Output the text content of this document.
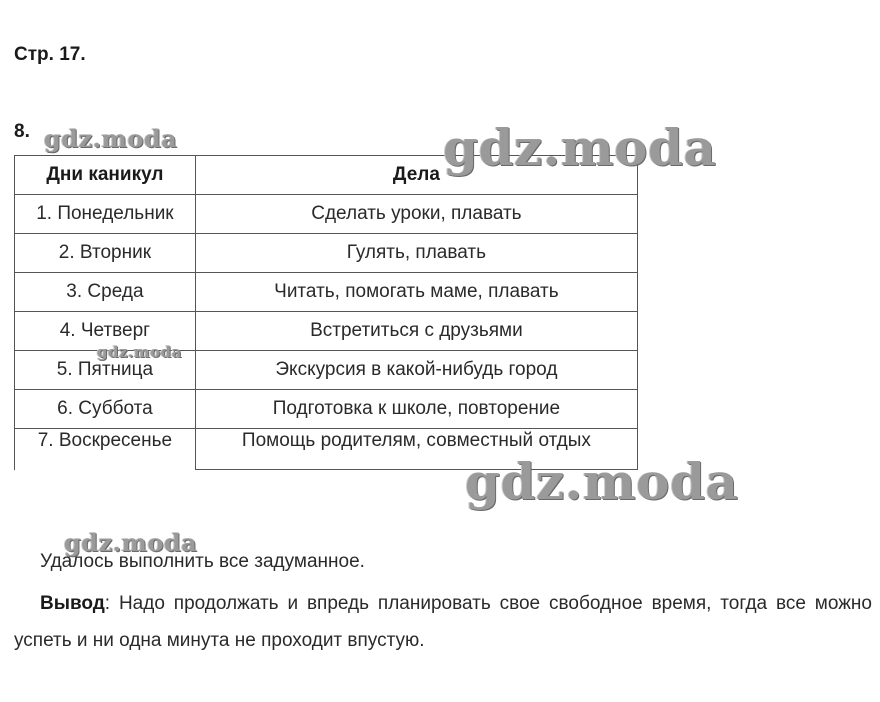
Стр. 17.
8.
Дни каникул	Дела
1. Понедельник	Сделать уроки, плавать
2. Вторник	Гулять, плавать
3. Среда	Читать, помогать маме, плавать
4. Четверг	Встретиться с друзьями
5. Пятница	Экскурсия в какой-нибудь город
6. Суббота	Подготовка к школе, повторение
7. Воскресенье	Помощь родителям, совместный отдых
Удалось выполнить все задуманное.
Вывод: Надо продолжать и впредь планировать свое свободное время, тогда все можно успеть и ни одна минута не проходит впустую.
gdz.moda	gdz.moda
gdz.moda
gdz.moda
gdz.moda
